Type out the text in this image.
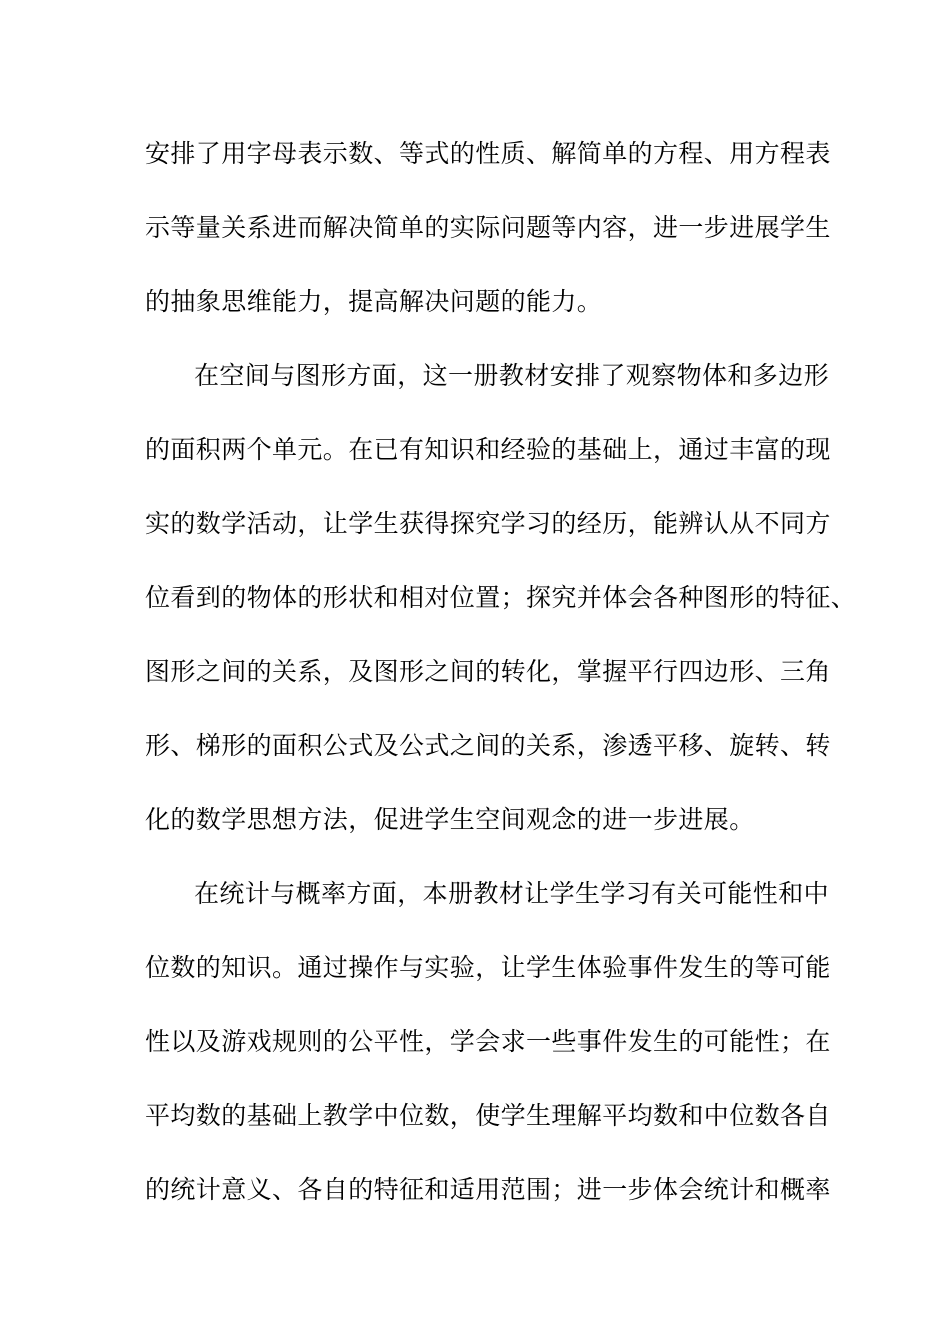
安排了用字母表示数、等式的性质、解简单的方程、用方程表
示等量关系进而解决简单的实际问题等内容，进一步进展学生
的抽象思维能力，提高解决问题的能力。
在空间与图形方面，这一册教材安排了观察物体和多边形
的面积两个单元。在已有知识和经验的基础上，通过丰富的现
实的数学活动，让学生获得探究学习的经历，能辨认从不同方
位看到的物体的形状和相对位置；探究并体会各种图形的特征、
图形之间的关系，及图形之间的转化，掌握平行四边形、三角
形、梯形的面积公式及公式之间的关系，渗透平移、旋转、转
化的数学思想方法，促进学生空间观念的进一步进展。
在统计与概率方面，本册教材让学生学习有关可能性和中
位数的知识。通过操作与实验，让学生体验事件发生的等可能
性以及游戏规则的公平性，学会求一些事件发生的可能性；在
平均数的基础上教学中位数，使学生理解平均数和中位数各自
的统计意义、各自的特征和适用范围；进一步体会统计和概率
